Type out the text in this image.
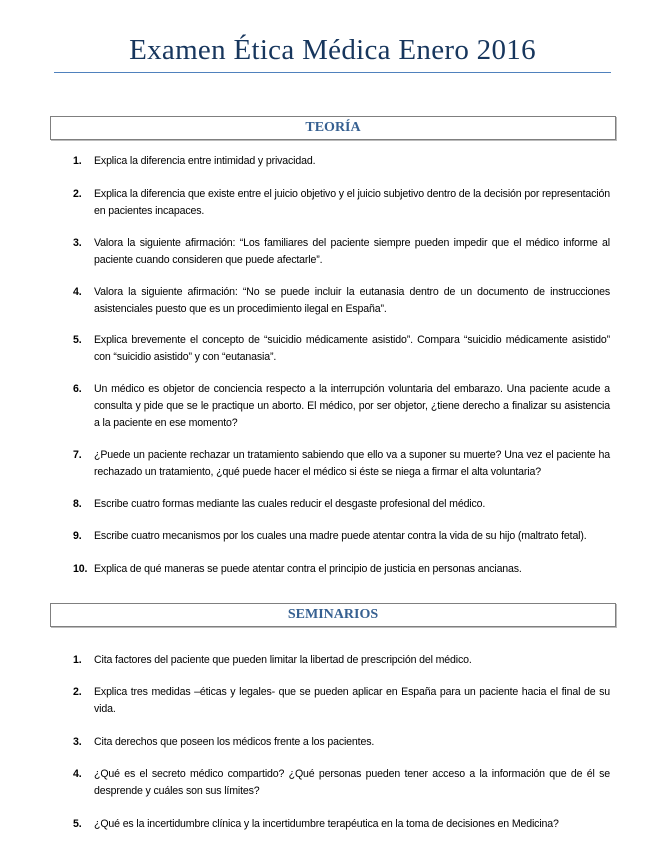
Examen Ética Médica Enero 2016
TEORÍA
1. Explica la diferencia entre intimidad y privacidad.
2. Explica la diferencia que existe entre el juicio objetivo y el juicio subjetivo dentro de la decisión por representación en pacientes incapaces.
3. Valora la siguiente afirmación: “Los familiares del paciente siempre pueden impedir que el médico informe al paciente cuando consideren que puede afectarle”.
4. Valora la siguiente afirmación: “No se puede incluir la eutanasia dentro de un documento de instrucciones asistenciales puesto que es un procedimiento ilegal en España”.
5. Explica brevemente el concepto de “suicidio médicamente asistido”. Compara “suicidio médicamente asistido” con “suicidio asistido” y con “eutanasia”.
6. Un médico es objetor de conciencia respecto a la interrupción voluntaria del embarazo. Una paciente acude a consulta y pide que se le practique un aborto. El médico, por ser objetor, ¿tiene derecho a finalizar su asistencia a la paciente en ese momento?
7. ¿Puede un paciente rechazar un tratamiento sabiendo que ello va a suponer su muerte? Una vez el paciente ha rechazado un tratamiento, ¿qué puede hacer el médico si éste se niega a firmar el alta voluntaria?
8. Escribe cuatro formas mediante las cuales reducir el desgaste profesional del médico.
9. Escribe cuatro mecanismos por los cuales una madre puede atentar contra la vida de su hijo (maltrato fetal).
10. Explica de qué maneras se puede atentar contra el principio de justicia en personas ancianas.
SEMINARIOS
1. Cita factores del paciente que pueden limitar la libertad de prescripción del médico.
2. Explica tres medidas –éticas y legales- que se pueden aplicar en España para un paciente hacia el final de su vida.
3. Cita derechos que poseen los médicos frente a los pacientes.
4. ¿Qué es el secreto médico compartido? ¿Qué personas pueden tener acceso a la información que de él se desprende y cuáles son sus límites?
5. ¿Qué es la incertidumbre clínica y la incertidumbre terapéutica en la toma de decisiones en Medicina?
